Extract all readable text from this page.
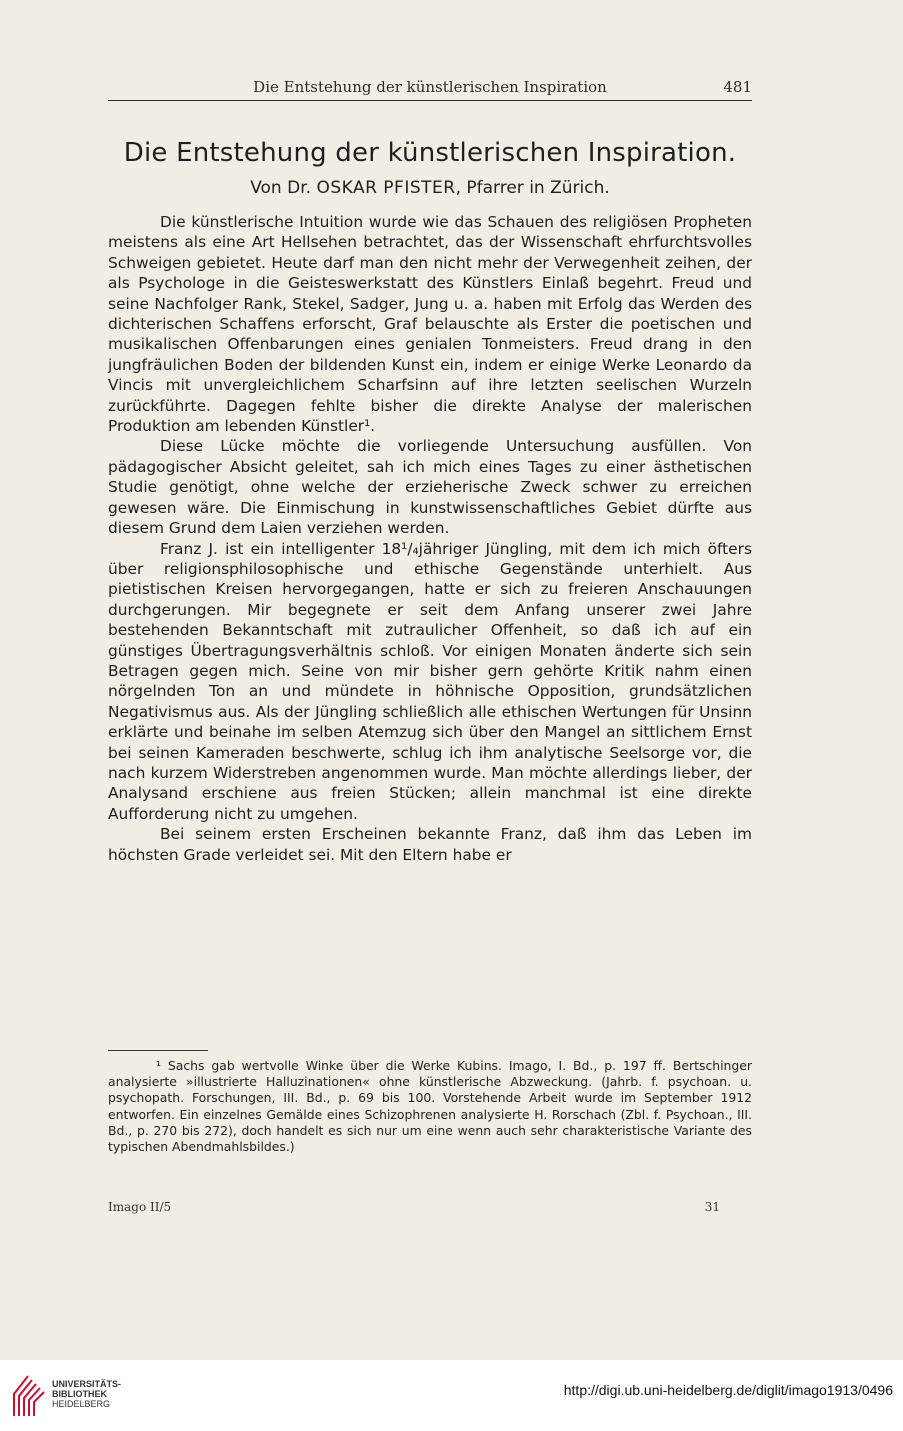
Die Entstehung der künstlerischen Inspiration	481
Die Entstehung der künstlerischen Inspiration.
Von Dr. OSKAR PFISTER, Pfarrer in Zürich.

Die künstlerische Intuition wurde wie das Schauen des religiösen Propheten meistens als eine Art Hellsehen betrachtet, das der Wissenschaft ehrfurchtsvolles Schweigen gebietet. Heute darf man den nicht mehr der Verwegenheit zeihen, der als Psychologe in die Geisteswerkstatt des Künstlers Einlaß begehrt. Freud und seine Nachfolger Rank, Stekel, Sadger, Jung u. a. haben mit Erfolg das Werden des dichterischen Schaffens erforscht, Graf belauschte als Erster die poetischen und musikalischen Offenbarungen eines genialen Tonmeisters. Freud drang in den jungfräulichen Boden der bildenden Kunst ein, indem er einige Werke Leonardo da Vincis mit unvergleichlichem Scharfsinn auf ihre letzten seelischen Wurzeln zurückführte. Dagegen fehlte bisher die direkte Analyse der malerischen Produktion am lebenden Künstler¹.

Diese Lücke möchte die vorliegende Untersuchung ausfüllen. Von pädagogischer Absicht geleitet, sah ich mich eines Tages zu einer ästhetischen Studie genötigt, ohne welche der erzieherische Zweck schwer zu erreichen gewesen wäre. Die Einmischung in kunstwissenschaftliches Gebiet dürfte aus diesem Grund dem Laien verziehen werden.

Franz J. ist ein intelligenter 18¹/₄jähriger Jüngling, mit dem ich mich öfters über religionsphilosophische und ethische Gegenstände unterhielt. Aus pietistischen Kreisen hervorgegangen, hatte er sich zu freieren Anschauungen durchgerungen. Mir begegnete er seit dem Anfang unserer zwei Jahre bestehenden Bekanntschaft mit zutraulicher Offenheit, so daß ich auf ein günstiges Übertragungsverhältnis schloß. Vor einigen Monaten änderte sich sein Betragen gegen mich. Seine von mir bisher gern gehörte Kritik nahm einen nörgelnden Ton an und mündete in höhnische Opposition, grundsätzlichen Negativismus aus. Als der Jüngling schließlich alle ethischen Wertungen für Unsinn erklärte und beinahe im selben Atemzug sich über den Mangel an sittlichem Ernst bei seinen Kameraden beschwerte, schlug ich ihm analytische Seelsorge vor, die nach kurzem Widerstreben angenommen wurde. Man möchte allerdings lieber, der Analysand erschiene aus freien Stücken; allein manchmal ist eine direkte Aufforderung nicht zu umgehen.

Bei seinem ersten Erscheinen bekannte Franz, daß ihm das Leben im höchsten Grade verleidet sei. Mit den Eltern habe er

¹ Sachs gab wertvolle Winke über die Werke Kubins. Imago, I. Bd., p. 197 ff. Bertschinger analysierte »illustrierte Halluzinationen« ohne künstlerische Abzweckung. (Jahrb. f. psychoan. u. psychopath. Forschungen, III. Bd., p. 69 bis 100. Vorstehende Arbeit wurde im September 1912 entworfen. Ein einzelnes Gemälde eines Schizophrenen analysierte H. Rorschach (Zbl. f. Psychoan., III. Bd., p. 270 bis 272), doch handelt es sich nur um eine wenn auch sehr charakteristische Variante des typischen Abendmahlsbildes.)
Imago II/5	31
UNIVERSITÄTS-
BIBLIOTHEK
HEIDELBERG
http://digi.ub.uni-heidelberg.de/diglit/imago1913/0496
